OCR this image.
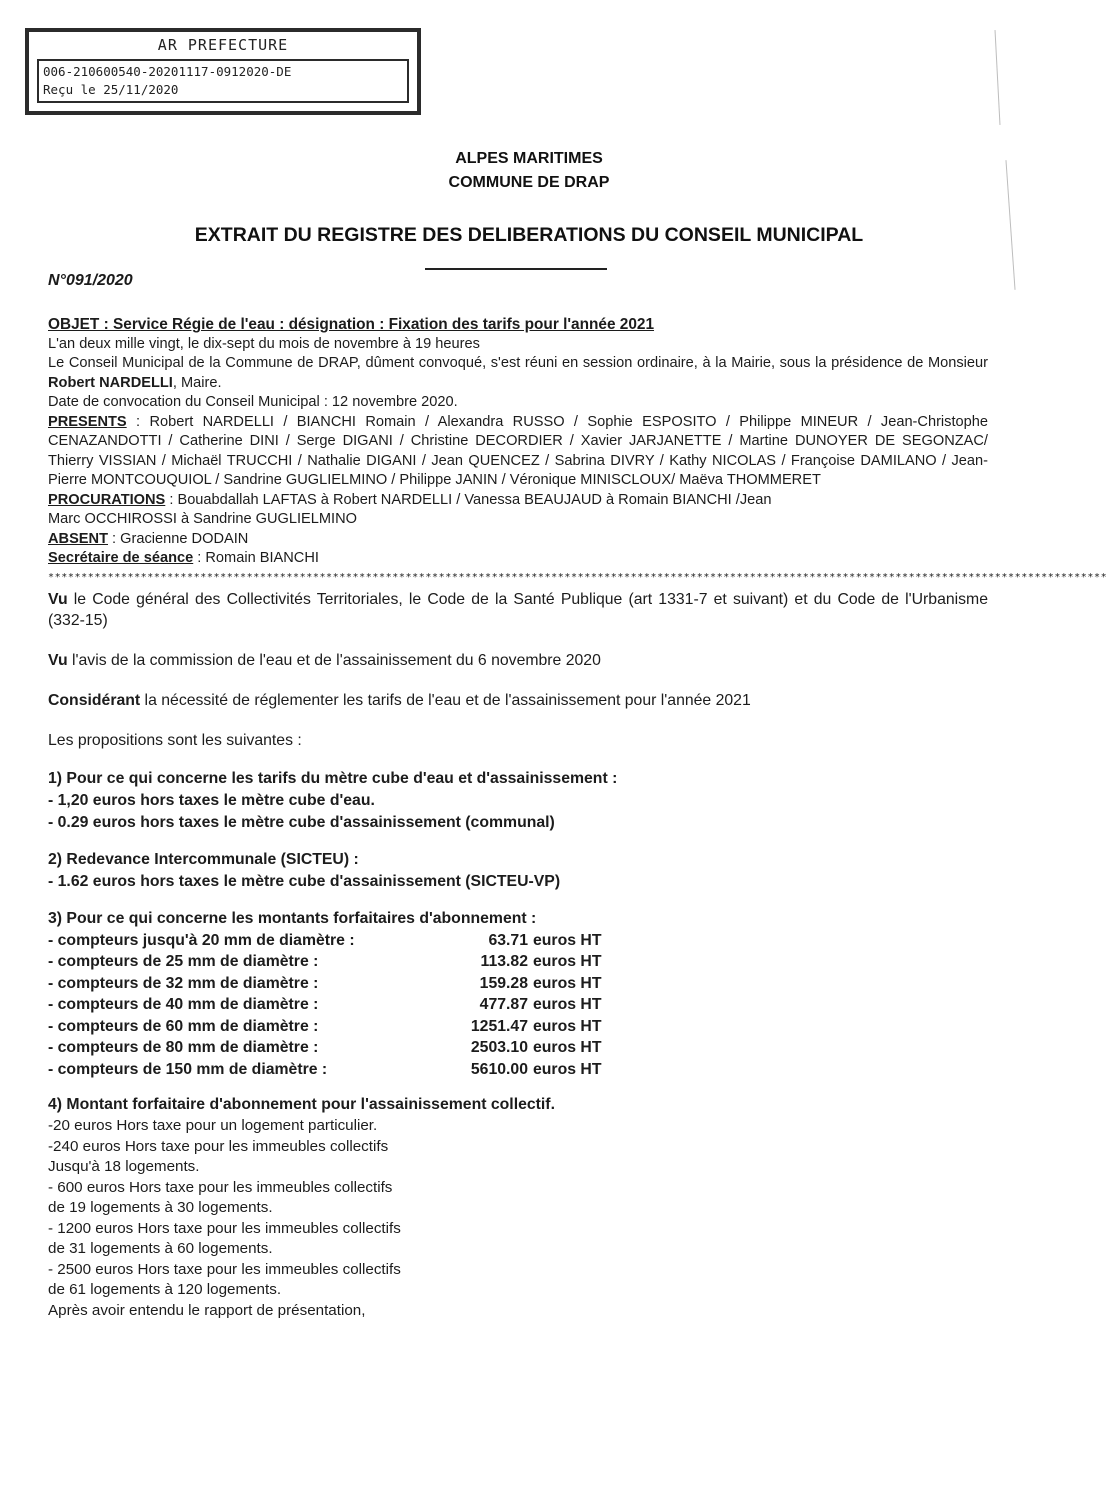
AR PREFECTURE
006-210600540-20201117-0912020-DE
Reçu le 25/11/2020
ALPES MARITIMES
COMMUNE DE DRAP
EXTRAIT DU REGISTRE DES DELIBERATIONS DU CONSEIL MUNICIPAL
N°091/2020

OBJET : Service Régie de l'eau : désignation : Fixation des tarifs pour l'année 2021

L'an deux mille vingt, le dix-sept du mois de novembre à 19 heures

Le Conseil Municipal de la Commune de DRAP, dûment convoqué, s'est réuni en session ordinaire, à la Mairie, sous la présidence de Monsieur Robert NARDELLI, Maire.

Date de convocation du Conseil Municipal : 12 novembre 2020.

PRESENTS : Robert NARDELLI / BIANCHI Romain / Alexandra RUSSO / Sophie ESPOSITO / Philippe MINEUR / Jean-Christophe CENAZANDOTTI / Catherine DINI / Serge DIGANI / Christine DECORDIER / Xavier JARJANETTE / Martine DUNOYER DE SEGONZAC/ Thierry VISSIAN / Michaël TRUCCHI / Nathalie DIGANI / Jean QUENCEZ / Sabrina DIVRY / Kathy NICOLAS / Françoise DAMILANO / Jean-Pierre MONTCOUQUIOL / Sandrine GUGLIELMINO / Philippe JANIN / Véronique MINISCLOUX/ Maëva THOMMERET

PROCURATIONS : Bouabdallah LAFTAS à Robert NARDELLI / Vanessa BEAUJAUD à Romain BIANCHI /Jean

Marc OCCHIROSSI à Sandrine GUGLIELMINO

ABSENT : Gracienne DODAIN

Secrétaire de séance : Romain BIANCHI

****************************************************************************************************************************************************************

Vu le Code général des Collectivités Territoriales, le Code de la Santé Publique (art 1331-7 et suivant) et du Code de l'Urbanisme (332-15)

Vu l'avis de la commission de l'eau et de l'assainissement du 6 novembre 2020

Considérant la nécessité de réglementer les tarifs de l'eau et de l'assainissement pour l'année 2021

Les propositions sont les suivantes :

1) Pour ce qui concerne les tarifs du mètre cube d'eau et d'assainissement :

- 1,20 euros hors taxes le mètre cube d'eau.

- 0.29 euros hors taxes le mètre cube d'assainissement (communal)

2) Redevance Intercommunale (SICTEU) :

- 1.62 euros hors taxes le mètre cube d'assainissement (SICTEU-VP)

3) Pour ce qui concerne les montants forfaitaires d'abonnement :

- compteurs jusqu'à 20 mm de diamètre :	63.71	euros HT
- compteurs de 25 mm de diamètre :	113.82	euros HT
- compteurs de 32 mm de diamètre :	159.28	euros HT
- compteurs de 40 mm de diamètre :	477.87	euros HT
- compteurs de 60 mm de diamètre :	1251.47	euros HT
- compteurs de 80 mm de diamètre :	2503.10	euros HT
- compteurs de 150 mm de diamètre :	5610.00	euros HT

4) Montant forfaitaire d'abonnement pour l'assainissement collectif.

-20 euros Hors taxe pour un logement particulier.

-240 euros Hors taxe pour les immeubles collectifs

Jusqu'à 18 logements.

- 600 euros Hors taxe pour les immeubles collectifs

de 19 logements à 30 logements.

- 1200 euros Hors taxe pour les immeubles collectifs

de 31 logements à 60 logements.

- 2500 euros Hors taxe pour les immeubles collectifs

de 61 logements à 120 logements.

Après avoir entendu le rapport de présentation,
